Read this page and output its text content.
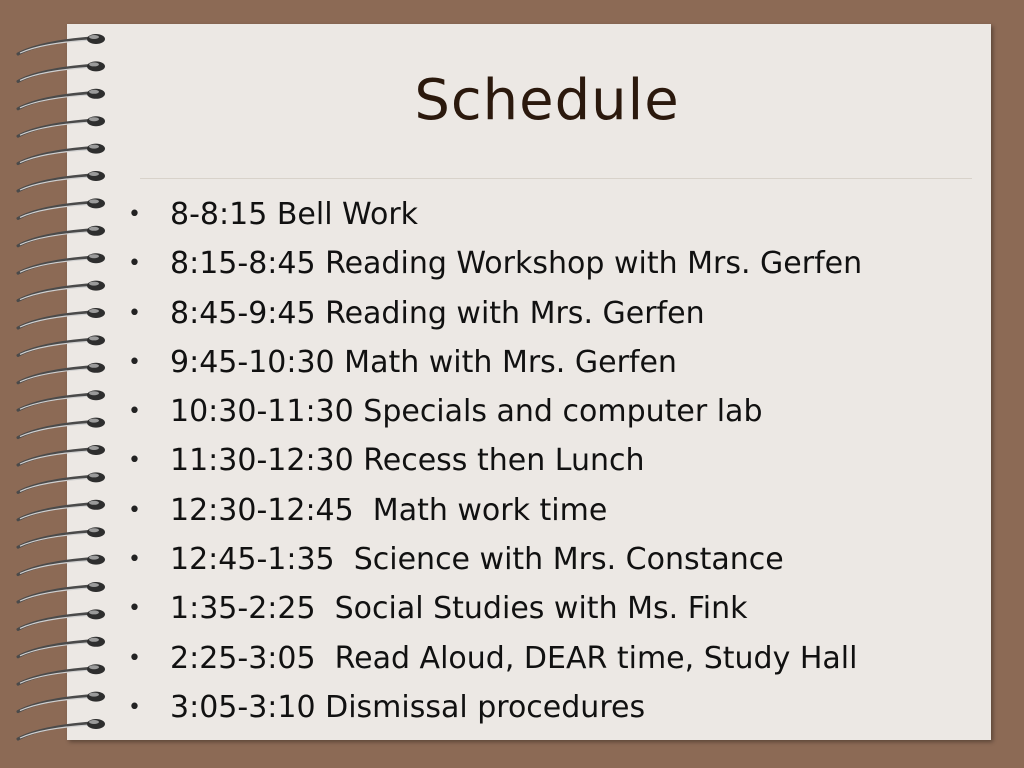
Schedule
• 8-8:15 Bell Work
• 8:15-8:45 Reading Workshop with Mrs. Gerfen
• 8:45-9:45 Reading with Mrs. Gerfen
• 9:45-10:30 Math with Mrs. Gerfen
• 10:30-11:30 Specials and computer lab
• 11:30-12:30 Recess then Lunch
• 12:30-12:45  Math work time
• 12:45-1:35  Science with Mrs. Constance
• 1:35-2:25  Social Studies with Ms. Fink
• 2:25-3:05  Read Aloud, DEAR time, Study Hall
• 3:05-3:10 Dismissal procedures
